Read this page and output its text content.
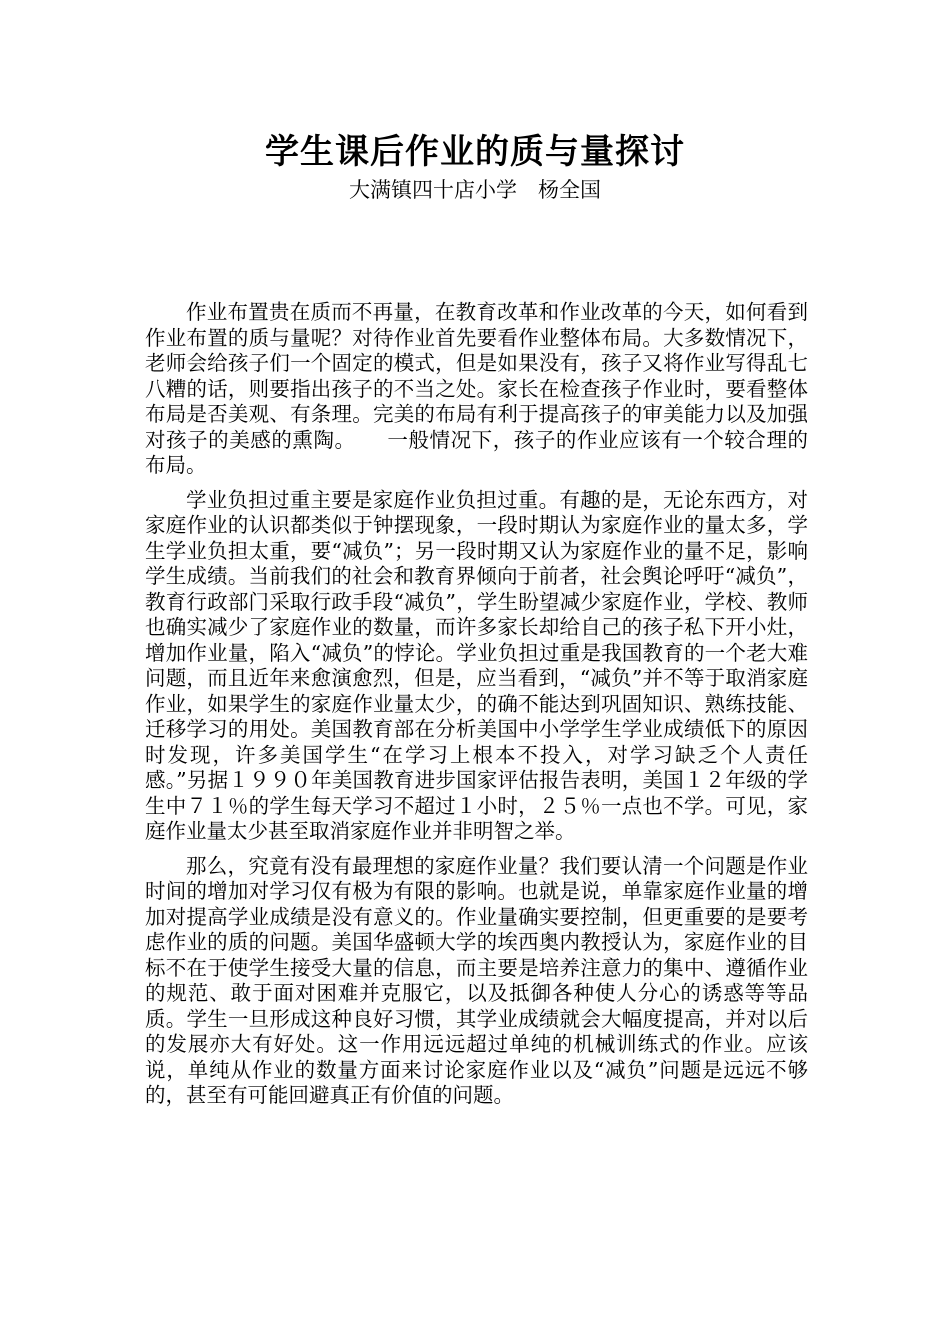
学生课后作业的质与量探讨
大满镇四十店小学　杨全国

作业布置贵在质而不再量，在教育改革和作业改革的今天，如何看到作业布置的质与量呢？对待作业首先要看作业整体布局。大多数情况下，老师会给孩子们一个固定的模式，但是如果没有，孩子又将作业写得乱七八糟的话，则要指出孩子的不当之处。家长在检查孩子作业时，要看整体布局是否美观、有条理。完美的布局有利于提高孩子的审美能力以及加强对孩子的美感的熏陶。　　一般情况下，孩子的作业应该有一个较合理的布局。

学业负担过重主要是家庭作业负担过重。有趣的是，无论东西方，对家庭作业的认识都类似于钟摆现象，一段时期认为家庭作业的量太多，学生学业负担太重，要“减负”；另一段时期又认为家庭作业的量不足，影响学生成绩。当前我们的社会和教育界倾向于前者，社会舆论呼吁“减负”，教育行政部门采取行政手段“减负”，学生盼望减少家庭作业，学校、教师也确实减少了家庭作业的数量，而许多家长却给自己的孩子私下开小灶，增加作业量，陷入“减负”的悖论。学业负担过重是我国教育的一个老大难问题，而且近年来愈演愈烈，但是，应当看到，“减负”并不等于取消家庭作业，如果学生的家庭作业量太少，的确不能达到巩固知识、熟练技能、迁移学习的用处。美国教育部在分析美国中小学学生学业成绩低下的原因时发现，许多美国学生“在学习上根本不投入，对学习缺乏个人责任感。”另据１９９０年美国教育进步国家评估报告表明，美国１２年级的学生中７１％的学生每天学习不超过１小时，２５％一点也不学。可见，家庭作业量太少甚至取消家庭作业并非明智之举。

那么，究竟有没有最理想的家庭作业量？我们要认清一个问题是作业时间的增加对学习仅有极为有限的影响。也就是说，单靠家庭作业量的增加对提高学业成绩是没有意义的。作业量确实要控制，但更重要的是要考虑作业的质的问题。美国华盛顿大学的埃西奥内教授认为，家庭作业的目标不在于使学生接受大量的信息，而主要是培养注意力的集中、遵循作业的规范、敢于面对困难并克服它，以及抵御各种使人分心的诱惑等等品质。学生一旦形成这种良好习惯，其学业成绩就会大幅度提高，并对以后的发展亦大有好处。这一作用远远超过单纯的机械训练式的作业。应该说，单纯从作业的数量方面来讨论家庭作业以及“减负”问题是远远不够的，甚至有可能回避真正有价值的问题。
